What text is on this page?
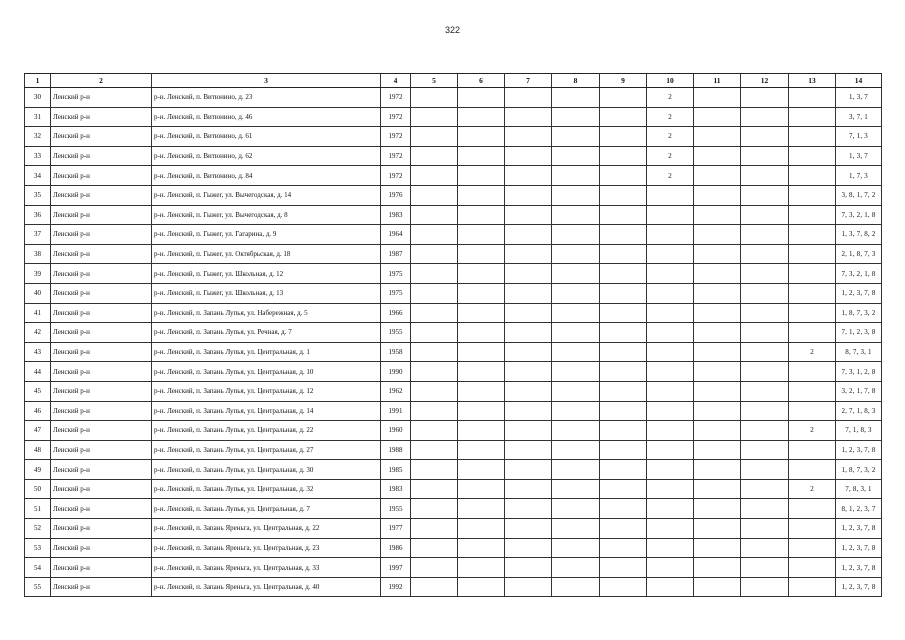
322
1	2	3	4	5	6	7	8	9	10	11	12	13	14
30	Ленский р-н	р-н. Ленский, п. Витюнино, д. 23	1972						2				1, 3, 7
31	Ленский р-н	р-н. Ленский, п. Витюнино, д. 46	1972						2				3, 7, 1
32	Ленский р-н	р-н. Ленский, п. Витюнино, д. 61	1972						2				7, 1, 3
33	Ленский р-н	р-н. Ленский, п. Витюнино, д. 62	1972						2				1, 3, 7
34	Ленский р-н	р-н. Ленский, п. Витюнино, д. 84	1972						2				1, 7, 3
35	Ленский р-н	р-н. Ленский, п. Гыжег, ул. Вычегодская, д. 14	1976										3, 8, 1, 7, 2
36	Ленский р-н	р-н. Ленский, п. Гыжег, ул. Вычегодская, д. 8	1983										7, 3, 2, 1, 8
37	Ленский р-н	р-н. Ленский, п. Гыжег, ул. Гагарина, д. 9	1964										1, 3, 7, 8, 2
38	Ленский р-н	р-н. Ленский, п. Гыжег, ул. Октябрьская, д. 18	1987										2, 1, 8, 7, 3
39	Ленский р-н	р-н. Ленский, п. Гыжег, ул. Школьная, д. 12	1975										7, 3, 2, 1, 8
40	Ленский р-н	р-н. Ленский, п. Гыжег, ул. Школьная, д. 13	1975										1, 2, 3, 7, 8
41	Ленский р-н	р-н. Ленский, п. Запань Лупья, ул. Набережная, д. 5	1966										1, 8, 7, 3, 2
42	Ленский р-н	р-н. Ленский, п. Запань Лупья, ул. Речная, д. 7	1955										7, 1, 2, 3, 8
43	Ленский р-н	р-н. Ленский, п. Запань Лупья, ул. Центральная, д. 1	1958									2	8, 7, 3, 1
44	Ленский р-н	р-н. Ленский, п. Запань Лупья, ул. Центральная, д. 10	1990										7, 3, 1, 2, 8
45	Ленский р-н	р-н. Ленский, п. Запань Лупья, ул. Центральная, д. 12	1962										3, 2, 1, 7, 8
46	Ленский р-н	р-н. Ленский, п. Запань Лупья, ул. Центральная, д. 14	1991										2, 7, 1, 8, 3
47	Ленский р-н	р-н. Ленский, п. Запань Лупья, ул. Центральная, д. 22	1960									2	7, 1, 8, 3
48	Ленский р-н	р-н. Ленский, п. Запань Лупья, ул. Центральная, д. 27	1988										1, 2, 3, 7, 8
49	Ленский р-н	р-н. Ленский, п. Запань Лупья, ул. Центральная, д. 30	1985										1, 8, 7, 3, 2
50	Ленский р-н	р-н. Ленский, п. Запань Лупья, ул. Центральная, д. 32	1983									2	7, 8, 3, 1
51	Ленский р-н	р-н. Ленский, п. Запань Лупья, ул. Центральная, д. 7	1955										8, 1, 2, 3, 7
52	Ленский р-н	р-н. Ленский, п. Запань Яреньга, ул. Центральная, д. 22	1977										1, 2, 3, 7, 8
53	Ленский р-н	р-н. Ленский, п. Запань Яреньга, ул. Центральная, д. 23	1986										1, 2, 3, 7, 8
54	Ленский р-н	р-н. Ленский, п. Запань Яреньга, ул. Центральная, д. 33	1997										1, 2, 3, 7, 8
55	Ленский р-н	р-н. Ленский, п. Запань Яреньга, ул. Центральная, д. 40	1992										1, 2, 3, 7, 8
